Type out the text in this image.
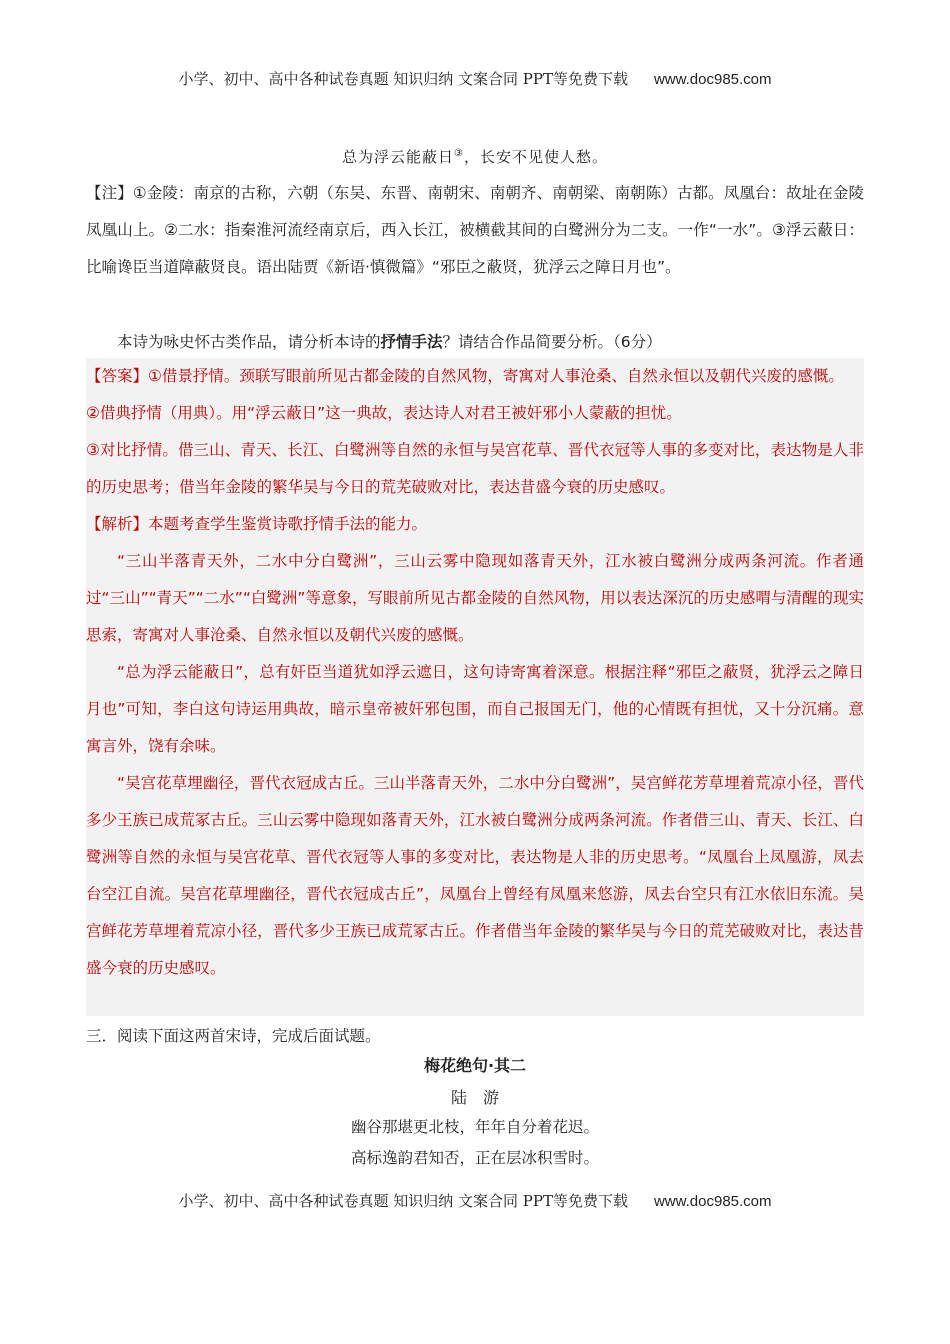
小学、初中、高中各种试卷真题 知识归纳 文案合同 PPT等免费下载 www.doc985.com
总为浮云能蔽日③，长安不见使人愁。
【注】①金陵：南京的古称，六朝（东吴、东晋、南朝宋、南朝齐、南朝梁、南朝陈）古都。凤凰台：故址在金陵凤凰山上。②二水：指秦淮河流经南京后，西入长江，被横截其间的白鹭洲分为二支。一作“一水”。③浮云蔽日：比喻谗臣当道障蔽贤良。语出陆贾《新语·慎微篇》“邪臣之蔽贤，犹浮云之障日月也”。
本诗为咏史怀古类作品，请分析本诗的抒情手法？请结合作品简要分析。（6分）

【答案】①借景抒情。颈联写眼前所见古都金陵的自然风物，寄寓对人事沧桑、自然永恒以及朝代兴废的感慨。

②借典抒情（用典）。用“浮云蔽日”这一典故，表达诗人对君王被奸邪小人蒙蔽的担忧。

③对比抒情。借三山、青天、长江、白鹭洲等自然的永恒与吴宫花草、晋代衣冠等人事的多变对比，表达物是人非的历史思考；借当年金陵的繁华吴与今日的荒芜破败对比，表达昔盛今衰的历史感叹。

【解析】本题考查学生鉴赏诗歌抒情手法的能力。

“三山半落青天外，二水中分白鹭洲”，三山云雾中隐现如落青天外，江水被白鹭洲分成两条河流。作者通过“三山”“青天”“二水”“白鹭洲”等意象，写眼前所见古都金陵的自然风物，用以表达深沉的历史感喟与清醒的现实思索，寄寓对人事沧桑、自然永恒以及朝代兴废的感慨。

“总为浮云能蔽日”，总有奸臣当道犹如浮云遮日，这句诗寄寓着深意。根据注释“邪臣之蔽贤，犹浮云之障日月也”可知，李白这句诗运用典故，暗示皇帝被奸邪包围，而自己报国无门，他的心情既有担忧，又十分沉痛。意寓言外，饶有余味。

“吴宫花草埋幽径，晋代衣冠成古丘。三山半落青天外，二水中分白鹭洲”，吴宫鲜花芳草埋着荒凉小径，晋代多少王族已成荒冢古丘。三山云雾中隐现如落青天外，江水被白鹭洲分成两条河流。作者借三山、青天、长江、白鹭洲等自然的永恒与吴宫花草、晋代衣冠等人事的多变对比，表达物是人非的历史思考。“凤凰台上凤凰游，凤去台空江自流。吴宫花草埋幽径，晋代衣冠成古丘”，凤凰台上曾经有凤凰来悠游，凤去台空只有江水依旧东流。吴宫鲜花芳草埋着荒凉小径，晋代多少王族已成荒冢古丘。作者借当年金陵的繁华吴与今日的荒芜破败对比，表达昔盛今衰的历史感叹。

三．阅读下面这两首宋诗，完成后面试题。
梅花绝句·其二
陆 游
幽谷那堪更北枝，年年自分着花迟。
高标逸韵君知否，正在层冰积雪时。
小学、初中、高中各种试卷真题 知识归纳 文案合同 PPT等免费下载 www.doc985.com
